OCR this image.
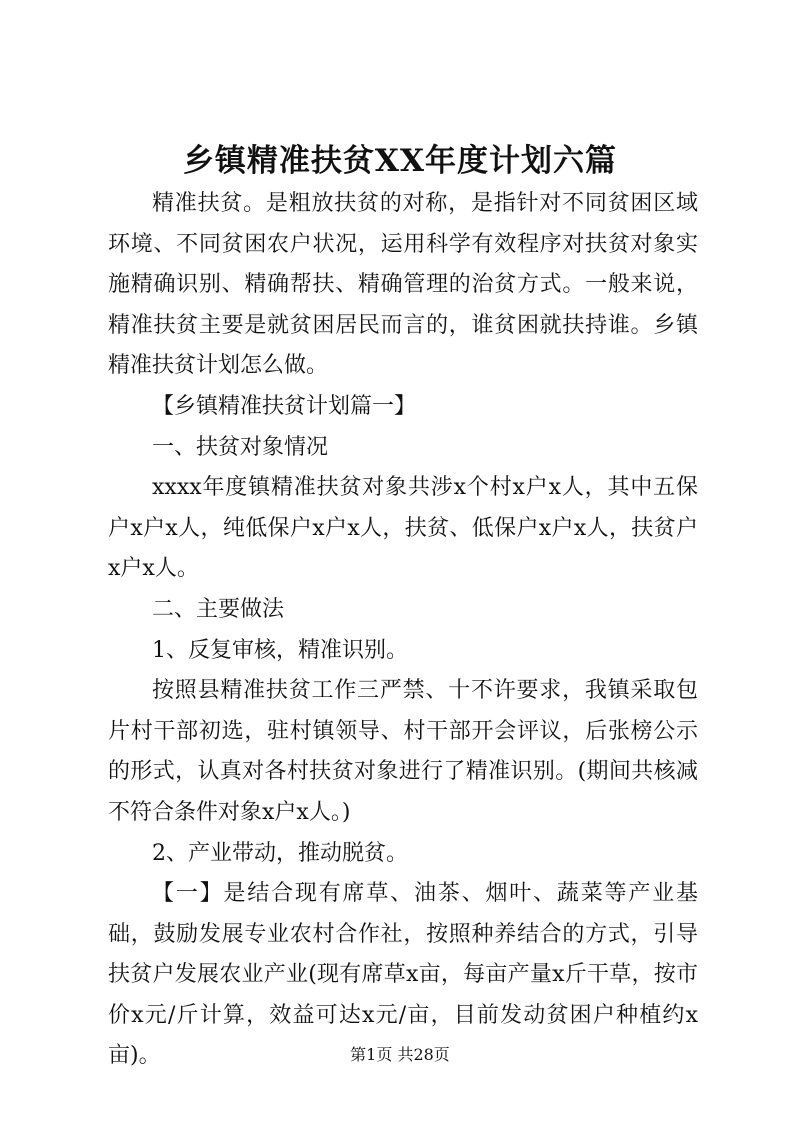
乡镇精准扶贫XX年度计划六篇

精准扶贫。是粗放扶贫的对称，是指针对不同贫困区域环境、不同贫困农户状况，运用科学有效程序对扶贫对象实施精确识别、精确帮扶、精确管理的治贫方式。一般来说，精准扶贫主要是就贫困居民而言的，谁贫困就扶持谁。乡镇精准扶贫计划怎么做。

【乡镇精准扶贫计划篇一】

一、扶贫对象情况

xxxx年度镇精准扶贫对象共涉x个村x户x人，其中五保户x户x人，纯低保户x户x人，扶贫、低保户x户x人，扶贫户x户x人。

二、主要做法

1、反复审核，精准识别。

按照县精准扶贫工作三严禁、十不许要求，我镇采取包片村干部初选，驻村镇领导、村干部开会评议，后张榜公示的形式，认真对各村扶贫对象进行了精准识别。(期间共核减不符合条件对象x户x人。)

2、产业带动，推动脱贫。

【一】是结合现有席草、油茶、烟叶、蔬菜等产业基础，鼓励发展专业农村合作社，按照种养结合的方式，引导扶贫户发展农业产业(现有席草x亩，每亩产量x斤干草，按市价x元/斤计算，效益可达x元/亩，目前发动贫困户种植约x亩)。	第1页 共28页
